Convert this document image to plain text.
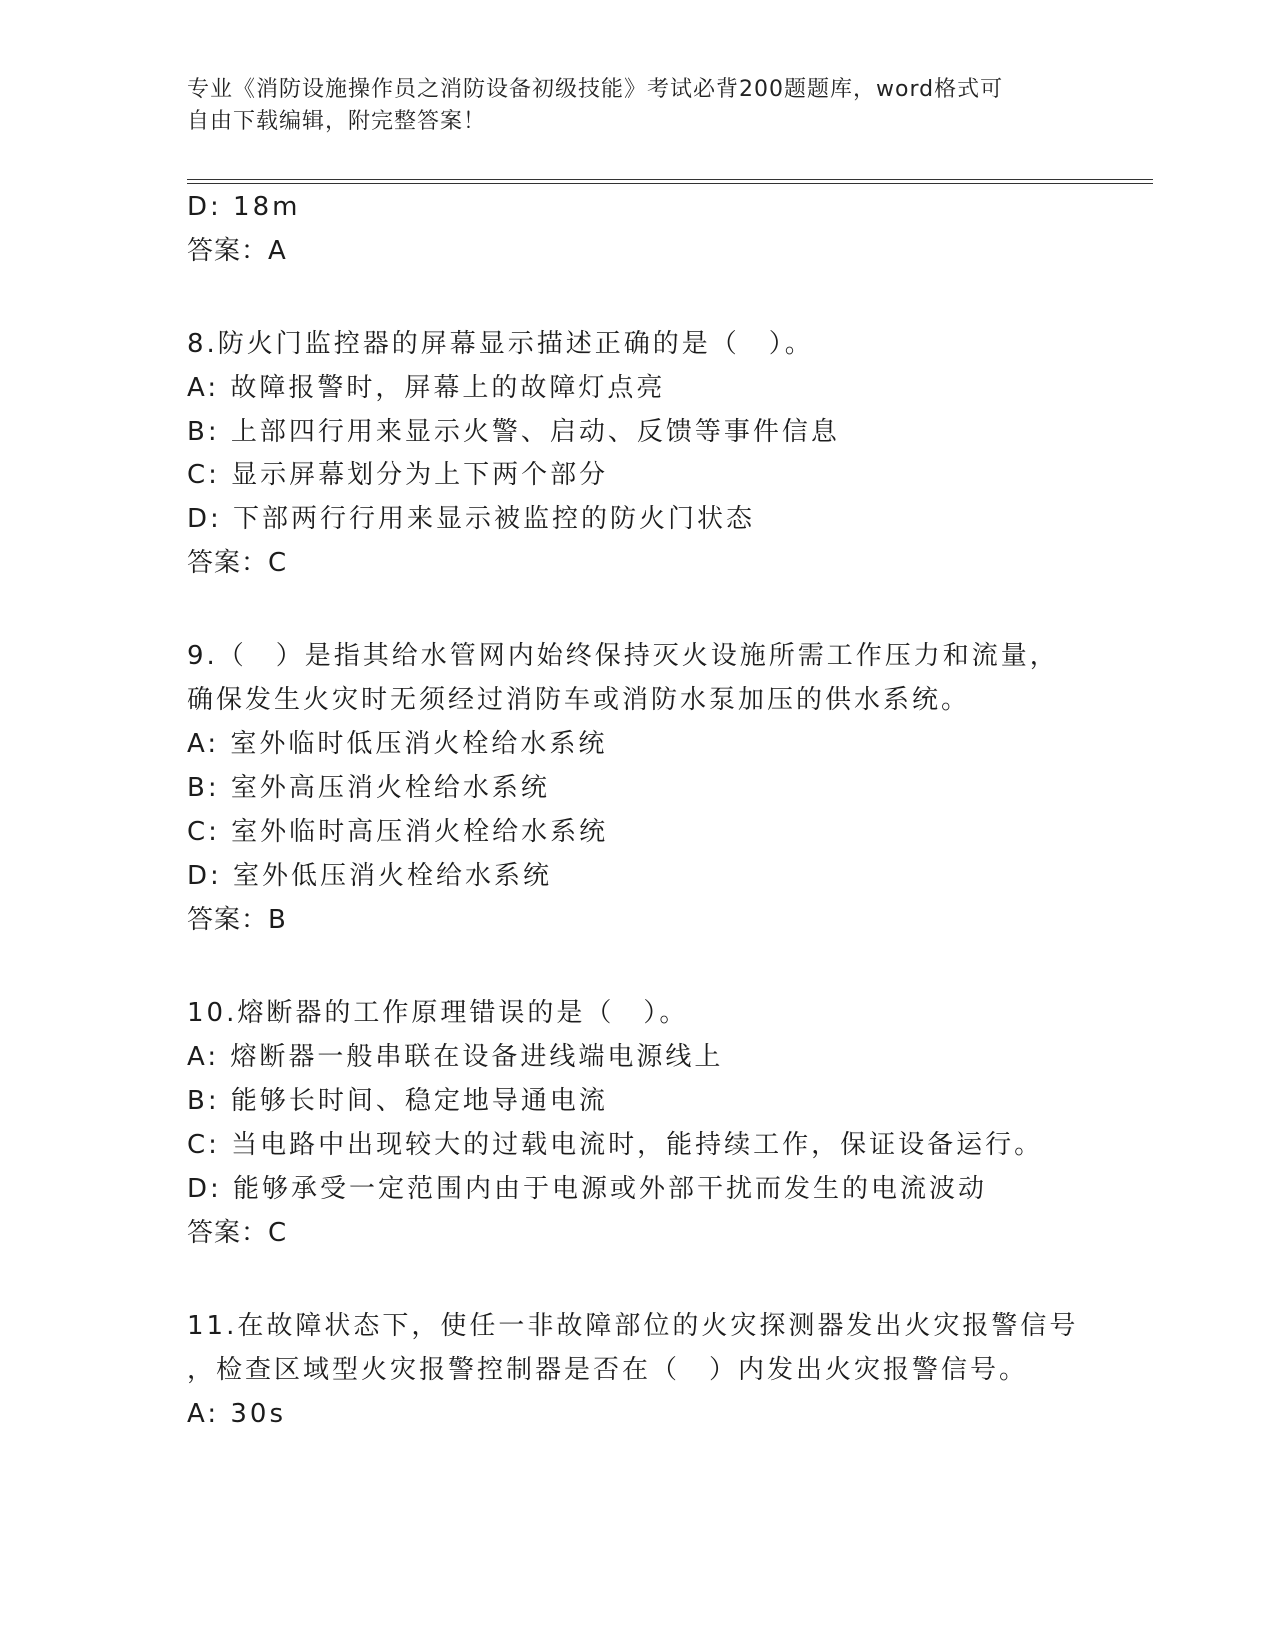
专业《消防设施操作员之消防设备初级技能》考试必背200题题库，word格式可
自由下载编辑，附完整答案！
D: 18m
答案：A
8.防火门监控器的屏幕显示描述正确的是（　）。
A: 故障报警时，屏幕上的故障灯点亮
B: 上部四行用来显示火警、启动、反馈等事件信息
C: 显示屏幕划分为上下两个部分
D: 下部两行行用来显示被监控的防火门状态
答案：C
9.（　）是指其给水管网内始终保持灭火设施所需工作压力和流量，
确保发生火灾时无须经过消防车或消防水泵加压的供水系统。
A: 室外临时低压消火栓给水系统
B: 室外高压消火栓给水系统
C: 室外临时高压消火栓给水系统
D: 室外低压消火栓给水系统
答案：B
10.熔断器的工作原理错误的是（　）。
A: 熔断器一般串联在设备进线端电源线上
B: 能够长时间、稳定地导通电流
C: 当电路中出现较大的过载电流时，能持续工作，保证设备运行。
D: 能够承受一定范围内由于电源或外部干扰而发生的电流波动
答案：C
11.在故障状态下，使任一非故障部位的火灾探测器发出火灾报警信号
，检查区域型火灾报警控制器是否在（　）内发出火灾报警信号。
A: 30s
